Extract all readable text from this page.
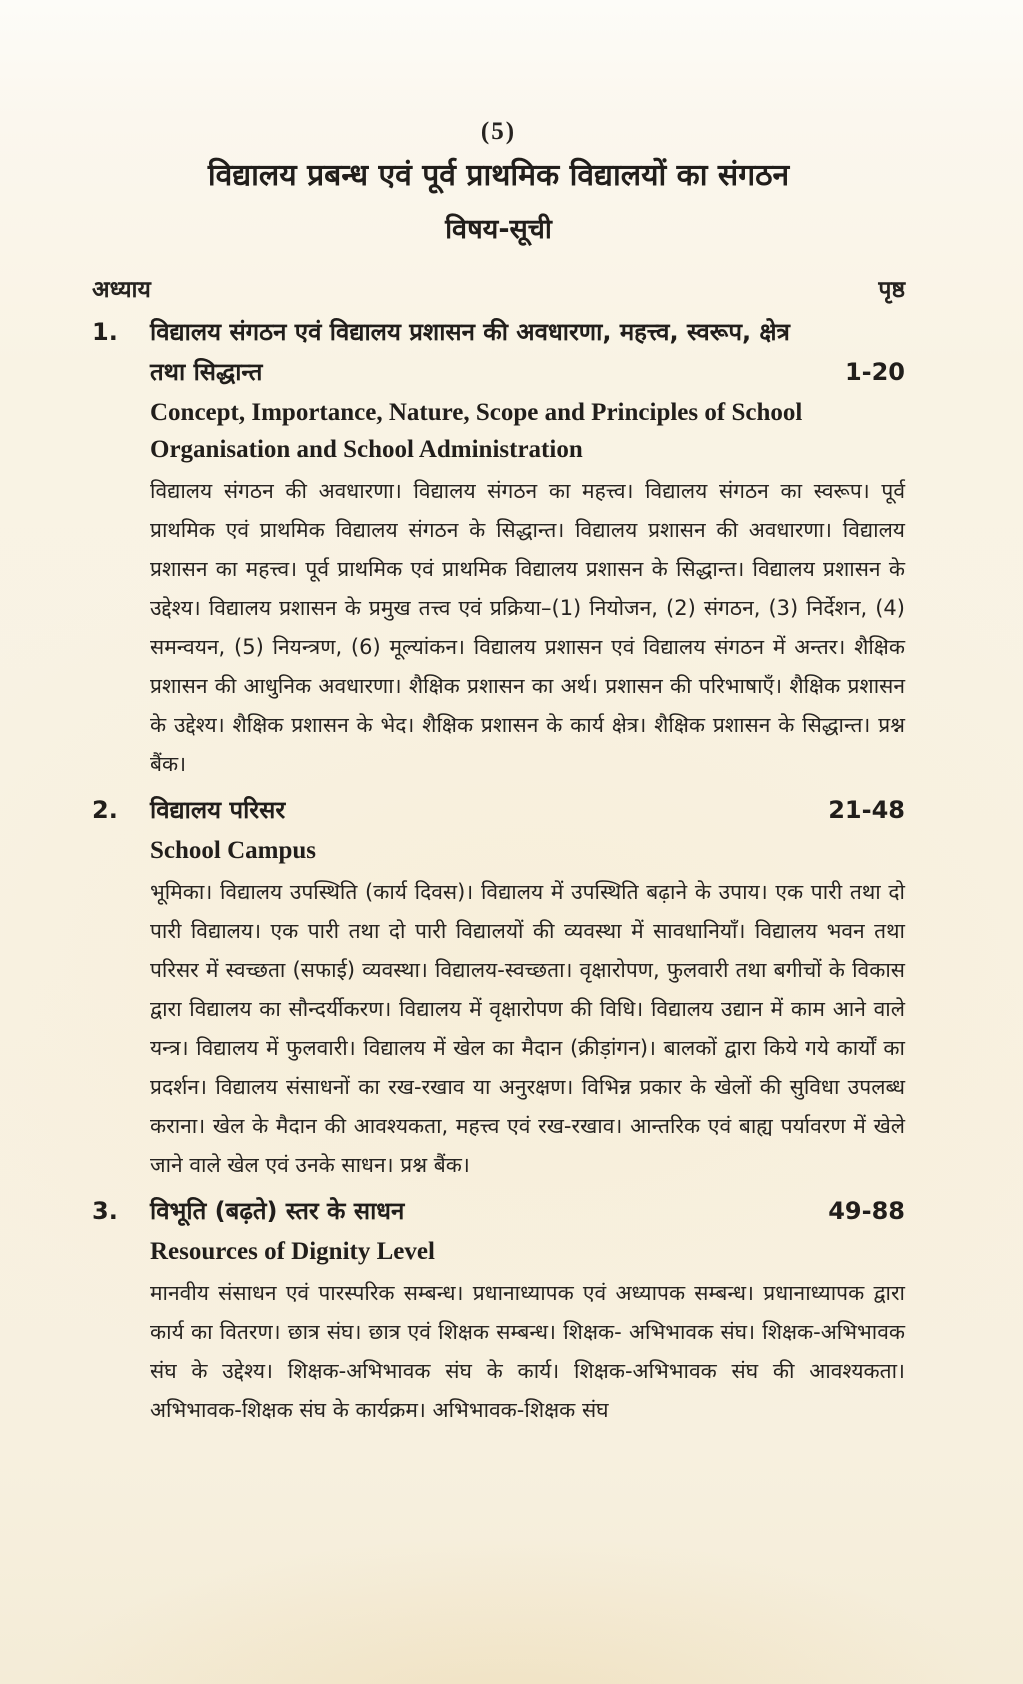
(5)
विद्यालय प्रबन्ध एवं पूर्व प्राथमिक विद्यालयों का संगठन
विषय-सूची
अध्याय	पृष्ठ
1.	विद्यालय संगठन एवं विद्यालय प्रशासन की अवधारणा, महत्त्व, स्वरूप, क्षेत्र तथा सिद्धान्त	1-20
Concept, Importance, Nature, Scope and Principles of School Organisation and School Administration
विद्यालय संगठन की अवधारणा। विद्यालय संगठन का महत्त्व। विद्यालय संगठन का स्वरूप। पूर्व प्राथमिक एवं प्राथमिक विद्यालय संगठन के सिद्धान्त। विद्यालय प्रशासन की अवधारणा। विद्यालय प्रशासन का महत्त्व। पूर्व प्राथमिक एवं प्राथमिक विद्यालय प्रशासन के सिद्धान्त। विद्यालय प्रशासन के उद्देश्य। विद्यालय प्रशासन के प्रमुख तत्त्व एवं प्रक्रिया–(1) नियोजन, (2) संगठन, (3) निर्देशन, (4) समन्वयन, (5) नियन्त्रण, (6) मूल्यांकन। विद्यालय प्रशासन एवं विद्यालय संगठन में अन्तर। शैक्षिक प्रशासन की आधुनिक अवधारणा। शैक्षिक प्रशासन का अर्थ। प्रशासन की परिभाषाएँ। शैक्षिक प्रशासन के उद्देश्य। शैक्षिक प्रशासन के भेद। शैक्षिक प्रशासन के कार्य क्षेत्र। शैक्षिक प्रशासन के सिद्धान्त। प्रश्न बैंक।
2.	विद्यालय परिसर	21-48
School Campus
भूमिका। विद्यालय उपस्थिति (कार्य दिवस)। विद्यालय में उपस्थिति बढ़ाने के उपाय। एक पारी तथा दो पारी विद्यालय। एक पारी तथा दो पारी विद्यालयों की व्यवस्था में सावधानियाँ। विद्यालय भवन तथा परिसर में स्वच्छता (सफाई) व्यवस्था। विद्यालय-स्वच्छता। वृक्षारोपण, फुलवारी तथा बगीचों के विकास द्वारा विद्यालय का सौन्दर्यीकरण। विद्यालय में वृक्षारोपण की विधि। विद्यालय उद्यान में काम आने वाले यन्त्र। विद्यालय में फुलवारी। विद्यालय में खेल का मैदान (क्रीड़ांगन)। बालकों द्वारा किये गये कार्यों का प्रदर्शन। विद्यालय संसाधनों का रख-रखाव या अनुरक्षण। विभिन्न प्रकार के खेलों की सुविधा उपलब्ध कराना। खेल के मैदान की आवश्यकता, महत्त्व एवं रख-रखाव। आन्तरिक एवं बाह्य पर्यावरण में खेले जाने वाले खेल एवं उनके साधन। प्रश्न बैंक।
3.	विभूति (बढ़ते) स्तर के साधन	49-88
Resources of Dignity Level
मानवीय संसाधन एवं पारस्परिक सम्बन्ध। प्रधानाध्यापक एवं अध्यापक सम्बन्ध। प्रधानाध्यापक द्वारा कार्य का वितरण। छात्र संघ। छात्र एवं शिक्षक सम्बन्ध। शिक्षक- अभिभावक संघ। शिक्षक-अभिभावक संघ के उद्देश्य। शिक्षक-अभिभावक संघ के कार्य। शिक्षक-अभिभावक संघ की आवश्यकता। अभिभावक-शिक्षक संघ के कार्यक्रम। अभिभावक-शिक्षक संघ
